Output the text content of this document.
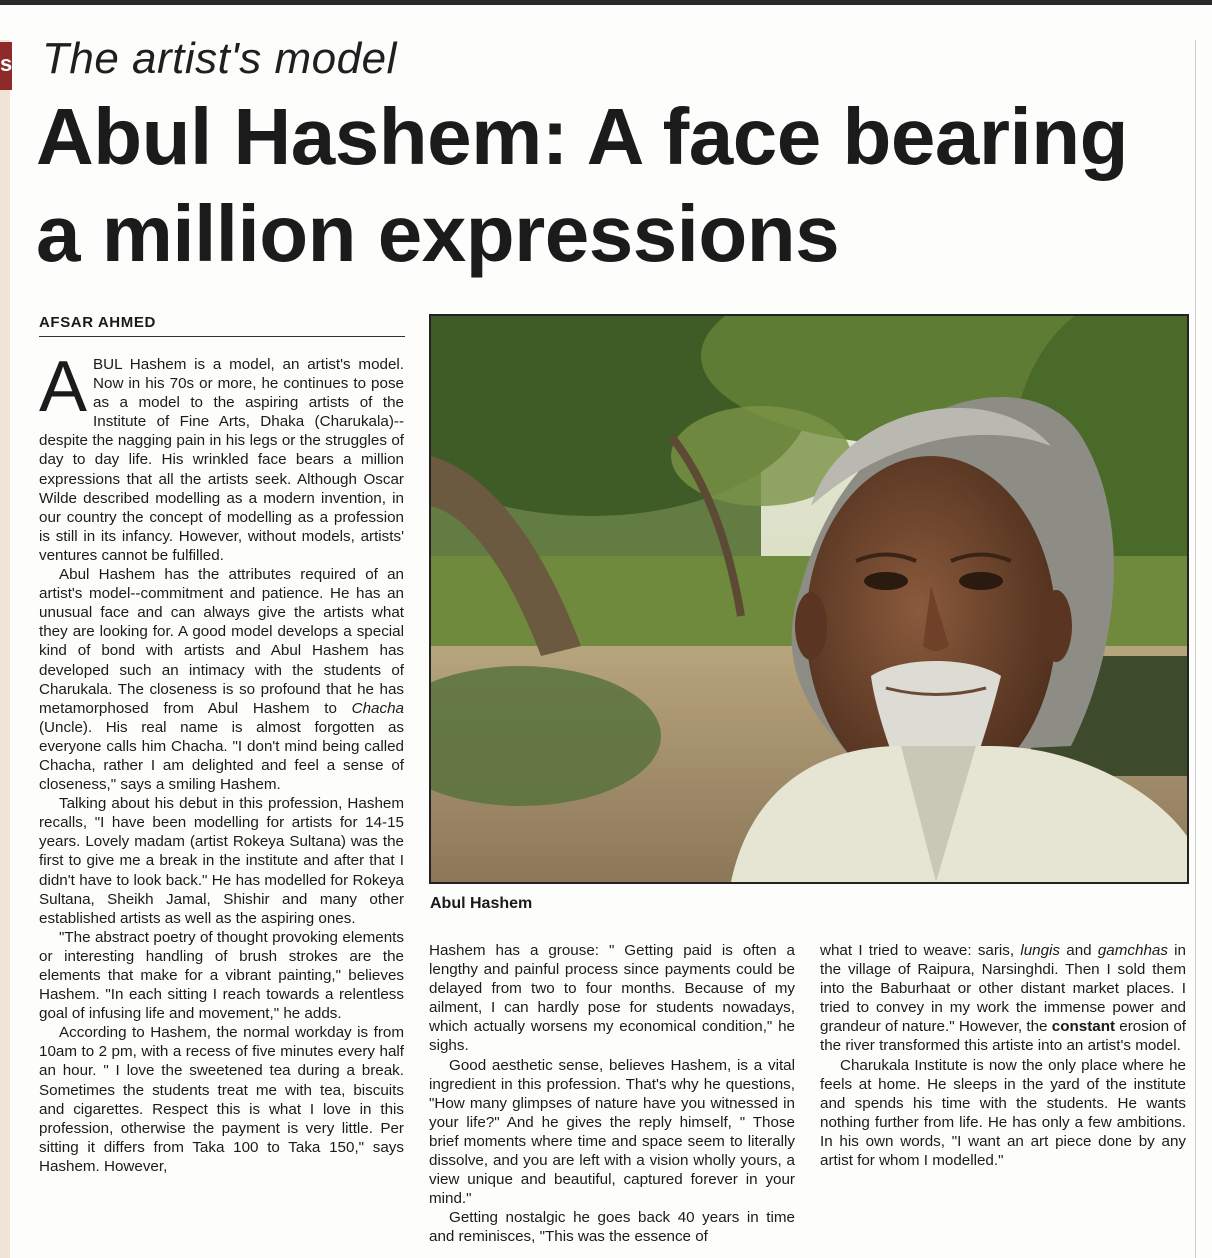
s The artist's model
Abul Hashem: A face bearing a million expressions
AFSAR AHMED

ABUL Hashem is a model, an artist's model. Now in his 70s or more, he continues to pose as a model to the aspiring artists of the Institute of Fine Arts, Dhaka (Charukala)-- despite the nagging pain in his legs or the struggles of day to day life. His wrinkled face bears a million expressions that all the artists seek. Although Oscar Wilde described modelling as a modern invention, in our country the concept of modelling as a profession is still in its infancy. However, without models, artists' ventures cannot be fulfilled.

Abul Hashem has the attributes required of an artist's model--commitment and patience. He has an unusual face and can always give the artists what they are looking for. A good model develops a special kind of bond with artists and Abul Hashem has developed such an intimacy with the students of Charukala. The closeness is so profound that he has metamorphosed from Abul Hashem to Chacha (Uncle). His real name is almost forgotten as everyone calls him Chacha. "I don't mind being called Chacha, rather I am delighted and feel a sense of closeness," says a smiling Hashem.

Talking about his debut in this profession, Hashem recalls, "I have been modelling for artists for 14-15 years. Lovely madam (artist Rokeya Sultana) was the first to give me a break in the institute and after that I didn't have to look back." He has modelled for Rokeya Sultana, Sheikh Jamal, Shishir and many other established artists as well as the aspiring ones.

"The abstract poetry of thought provoking elements or interesting handling of brush strokes are the elements that make for a vibrant painting," believes Hashem. "In each sitting I reach towards a relentless goal of infusing life and movement," he adds.

According to Hashem, the normal workday is from 10am to 2 pm, with a recess of five minutes every half an hour. " I love the sweetened tea during a break. Sometimes the students treat me with tea, biscuits and cigarettes. Respect this is what I love in this profession, otherwise the payment is very little. Per sitting it differs from Taka 100 to Taka 150," says Hashem. However,

Abul Hashem

Hashem has a grouse: " Getting paid is often a lengthy and painful process since payments could be delayed from two to four months. Because of my ailment, I can hardly pose for students nowadays, which actually worsens my economical condition," he sighs.

Good aesthetic sense, believes Hashem, is a vital ingredient in this profession. That's why he questions, "How many glimpses of nature have you witnessed in your life?" And he gives the reply himself, " Those brief moments where time and space seem to literally dissolve, and you are left with a vision wholly yours, a view unique and beautiful, captured forever in your mind."

Getting nostalgic he goes back 40 years in time and reminisces, "This was the essence of

what I tried to weave: saris, lungis and gamchhas in the village of Raipura, Narsinghdi. Then I sold them into the Baburhaat or other distant market places. I tried to convey in my work the immense power and grandeur of nature." However, the constant erosion of the river transformed this artiste into an artist's model.

Charukala Institute is now the only place where he feels at home. He sleeps in the yard of the institute and spends his time with the students. He wants nothing further from life. He has only a few ambitions. In his own words, "I want an art piece done by any artist for whom I modelled."
